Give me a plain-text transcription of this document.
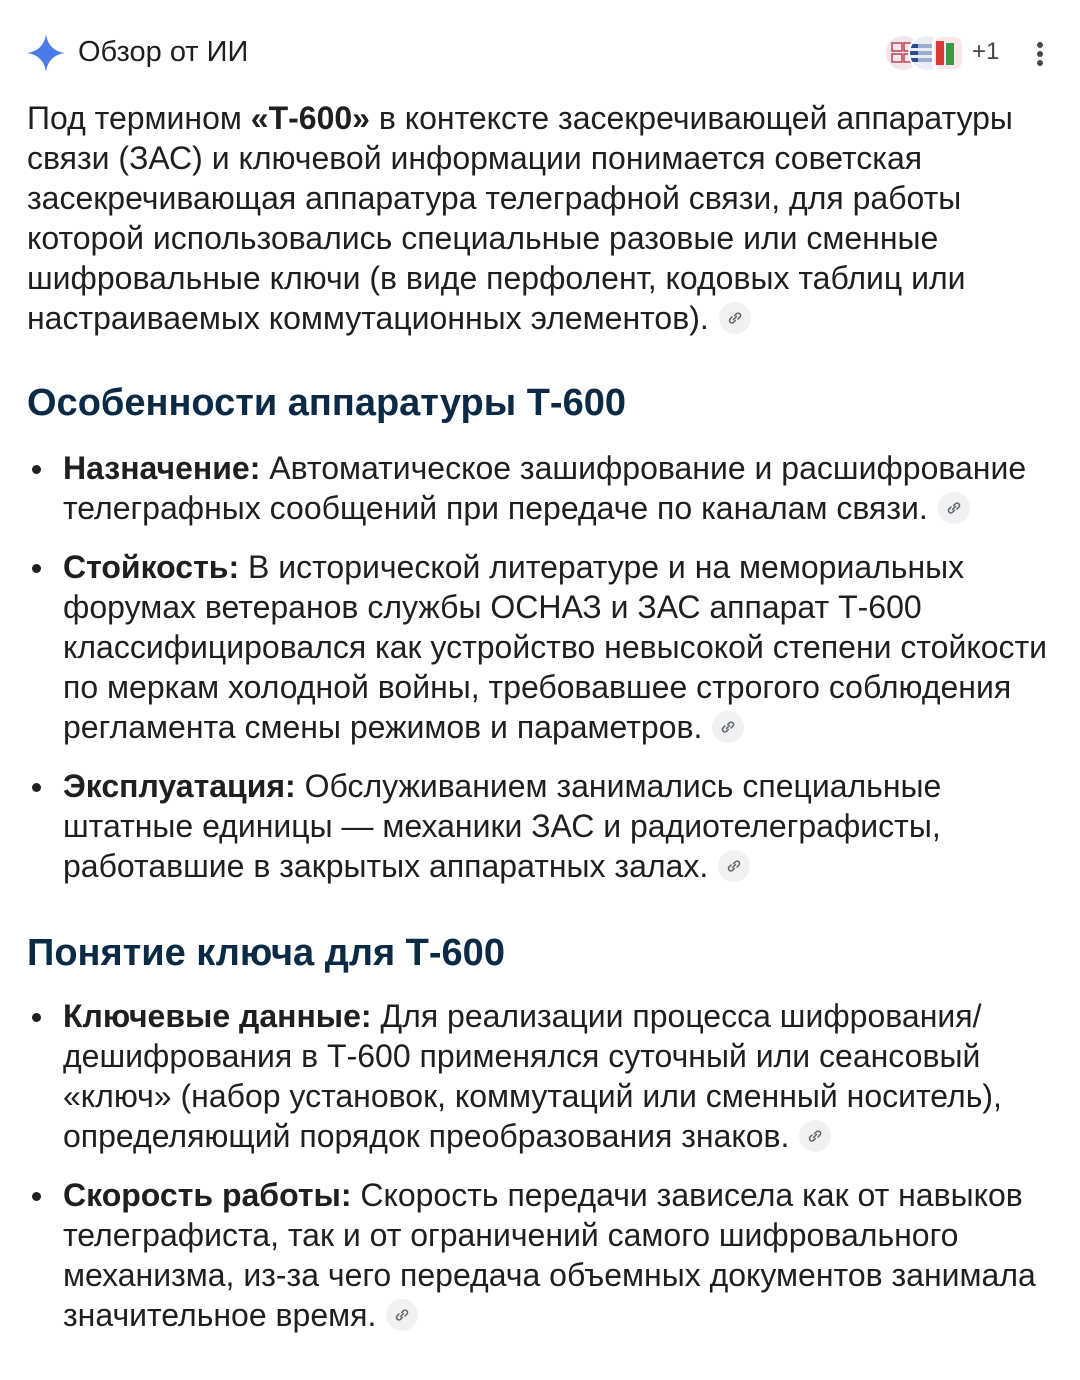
Обзор от ИИ	+1

Под термином «Т-600» в контексте засекречивающей аппаратуры связи (ЗАС) и ключевой информации понимается советская засекречивающая аппаратура телеграфной связи, для работы которой использовались специальные разовые или сменные шифровальные ключи (в виде перфолент, кодовых таблиц или настраиваемых коммутационных элементов).

Особенности аппаратуры Т-600
Назначение: Автоматическое зашифрование и расшифрование телеграфных сообщений при передаче по каналам связи.
Стойкость: В исторической литературе и на мемориальных форумах ветеранов службы ОСНАЗ и ЗАС аппарат Т-600 классифицировался как устройство невысокой степени стойкости по меркам холодной войны, требовавшее строгого соблюдения регламента смены режимов и параметров.
Эксплуатация: Обслуживанием занимались специальные штатные единицы — механики ЗАС и радиотелеграфисты, работавшие в закрытых аппаратных залах.
Понятие ключа для Т-600
Ключевые данные: Для реализации процесса шифрования/дешифрования в Т-600 применялся суточный или сеансовый «ключ» (набор установок, коммутаций или сменный носитель), определяющий порядок преобразования знаков.
Скорость работы: Скорость передачи зависела как от навыков телеграфиста, так и от ограничений самого шифровального механизма, из-за чего передача объемных документов занимала значительное время.
